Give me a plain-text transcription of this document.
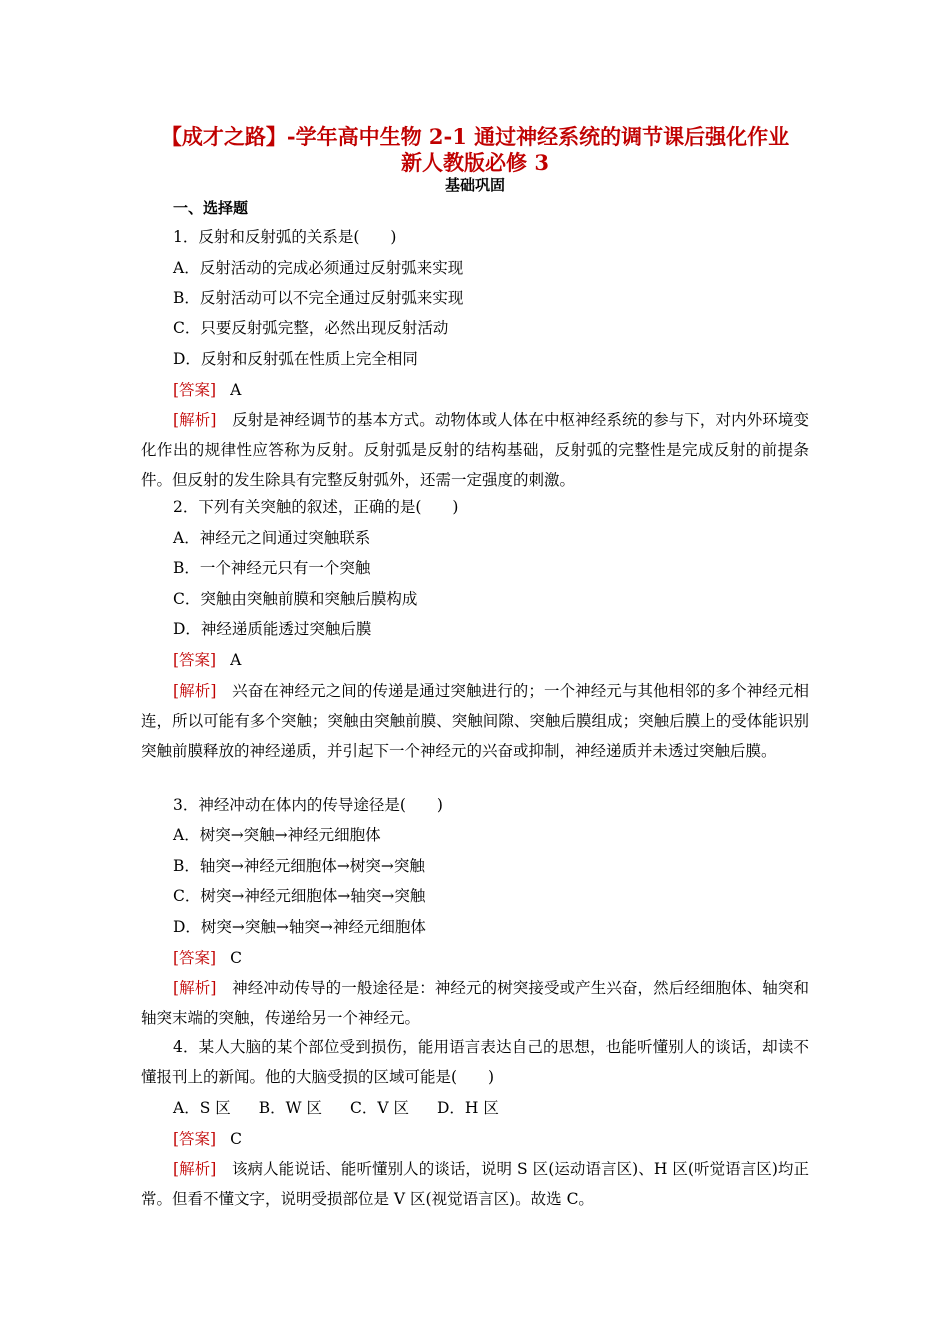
【成才之路】-学年高中生物 2-1 通过神经系统的调节课后强化作业
新人教版必修 3
基础巩固
一、选择题
1．反射和反射弧的关系是(　　)
A．反射活动的完成必须通过反射弧来实现
B．反射活动可以不完全通过反射弧来实现
C．只要反射弧完整，必然出现反射活动
D．反射和反射弧在性质上完全相同
[答案] A
[解析]　 反射是神经调节的基本方式。动物体或人体在中枢神经系统的参与下，对内外环境变化作出的规律性应答称为反射。反射弧是反射的结构基础，反射弧的完整性是完成反射的前提条件。但反射的发生除具有完整反射弧外，还需一定强度的刺激。
2．下列有关突触的叙述，正确的是(　　)
A．神经元之间通过突触联系
B．一个神经元只有一个突触
C．突触由突触前膜和突触后膜构成
D．神经递质能透过突触后膜
[答案] A
[解析]　 兴奋在神经元之间的传递是通过突触进行的；一个神经元与其他相邻的多个神经元相连，所以可能有多个突触；突触由突触前膜、突触间隙、突触后膜组成；突触后膜上的受体能识别突触前膜释放的神经递质，并引起下一个神经元的兴奋或抑制，神经递质并未透过突触后膜。
3．神经冲动在体内的传导途径是(　　)
A．树突→突触→神经元细胞体
B．轴突→神经元细胞体→树突→突触
C．树突→神经元细胞体→轴突→突触
D．树突→突触→轴突→神经元细胞体
[答案] C
[解析]　 神经冲动传导的一般途径是：神经元的树突接受或产生兴奋，然后经细胞体、轴突和轴突末端的突触，传递给另一个神经元。
4．某人大脑的某个部位受到损伤，能用语言表达自己的思想，也能听懂别人的谈话，却读不懂报刊上的新闻。他的大脑受损的区域可能是(　　)
A．S 区 B．W 区 C．V 区 D．H 区
[答案] C
[解析]　 该病人能说话、能听懂别人的谈话，说明 S 区(运动语言区)、H 区(听觉语言区)均正常。但看不懂文字，说明受损部位是 V 区(视觉语言区)。故选 C。
